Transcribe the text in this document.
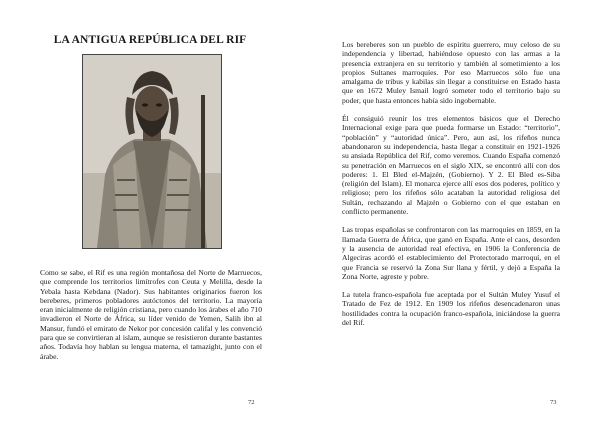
LA ANTIGUA REPÚBLICA DEL RIF

Como se sabe, el Rif es una región montañosa del Norte de Marruecos, que comprende los territorios limítrofes con Ceuta y Melilla, desde la Yebala hasta Kebdana (Nador). Sus habitantes originarios fueron los bereberes, primeros pobladores autóctonos del territorio. La mayoría eran inicialmente de religión cristiana, pero cuando los árabes el año 710 invadieron el Norte de África, su líder venido de Yemen, Salih ibn al Mansur, fundó el emirato de Nekor por concesión califal y les convenció para que se convirtieran al islam, aunque se resistieron durante bastantes años. Todavía hoy hablan su lengua materna, el tamazight, junto con el árabe.

72

Los bereberes son un pueblo de espíritu guerrero, muy celoso de su independencia y libertad, habiéndose opuesto con las armas a la presencia extranjera en su territorio y también al sometimiento a los propios Sultanes marroquíes. Por eso Marruecos sólo fue una amalgama de tribus y kabilas sin llegar a constituirse en Estado hasta que en 1672 Muley Ismail logró someter todo el territorio bajo su poder, que hasta entonces había sido ingobernable.

Él consiguió reunir los tres elementos básicos que el Derecho Internacional exige para que pueda formarse un Estado: “territorio”, “población” y “autoridad única”. Pero, aun así, los rifeños nunca abandonaron su independencia, hasta llegar a constituir en 1921-1926 su ansiada República del Rif, como veremos. Cuando España comenzó su penetración en Marruecos en el siglo XIX, se encontró allí con dos poderes: 1. El Bled el-Majzén, (Gobierno). Y 2. El Bled es-Siba (religión del Islam). El monarca ejerce allí esos dos poderes, político y religioso; pero los rifeños sólo acataban la autoridad religiosa del Sultán, rechazando al Majzén o Gobierno con el que estaban en conflicto permanente.

Las tropas españolas se confrontaron con las marroquíes en 1859, en la llamada Guerra de África, que ganó en España. Ante el caos, desorden y la ausencia de autoridad real efectiva, en 1906 la Conferencia de Algeciras acordó el establecimiento del Protectorado marroquí, en el que Francia se reservó la Zona Sur llana y fértil, y dejó a España la Zona Norte, agreste y pobre.

La tutela franco-española fue aceptada por el Sultán Muley Yusuf el Tratado de Fez de 1912. En 1909 los rifeños desencadenaron unas hostilidades contra la ocupación franco-española, iniciándose la guerra del Rif.

73
